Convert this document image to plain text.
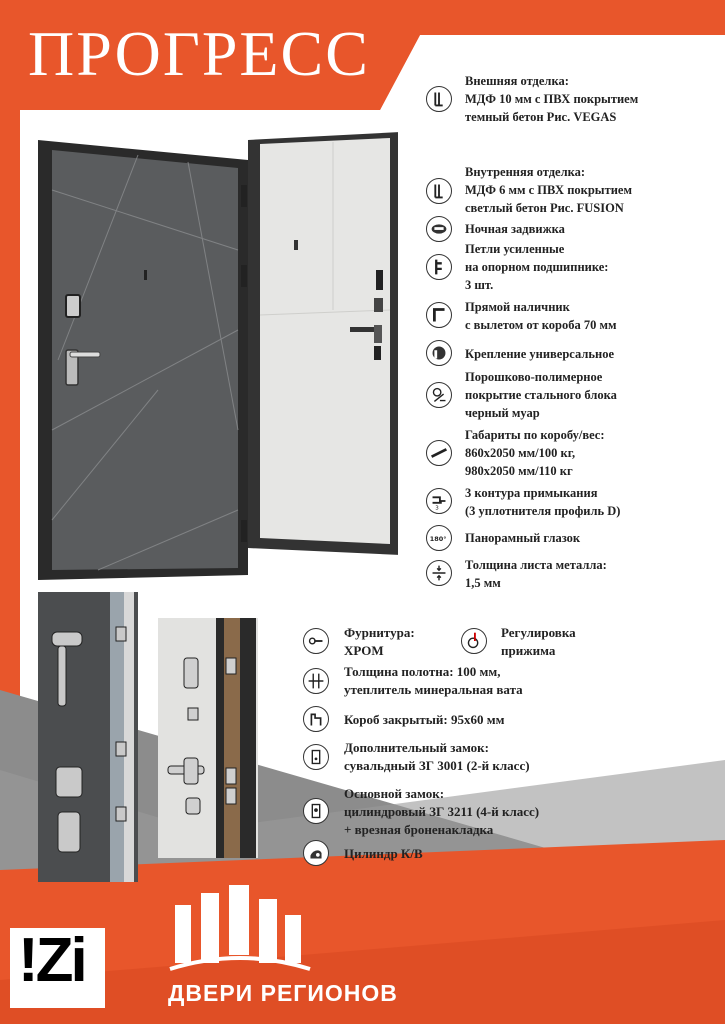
ПРОГРЕСС	Внешняя отделка:
МДФ 10 мм с ПВХ покрытием
темный бетон Рис. VEGAS
Внутренняя отделка:
МДФ 6 мм с ПВХ покрытием
светлый бетон Рис. FUSION
Ночная задвижка
Петли усиленные
на опорном подшипнике:
3 шт.
Прямой наличник
с вылетом от короба 70 мм
Крепление универсальное
Порошково-полимерное
покрытие стального блока
черный муар
Габариты по коробу/вес:
860х2050 мм/100 кг,
980х2050 мм/110 кг
3
3 контура примыкания
(3 уплотнителя профиль D)
180° Панорамный глазок
Толщина листа металла:
1,5 мм
Фурнитура:
ХРОМ
Регулировка
прижима
Толщина полотна: 100 мм,
утеплитель минеральная вата
Короб закрытый: 95х60 мм
Дополнительный замок:
сувальдный ЗГ 3001 (2-й класс)
Основной замок:
цилиндровый ЗГ 3211 (4-й класс)
+ врезная броненакладка
Цилиндр К/В
ДВЕРИ РЕГИОНОВ
!Zi
